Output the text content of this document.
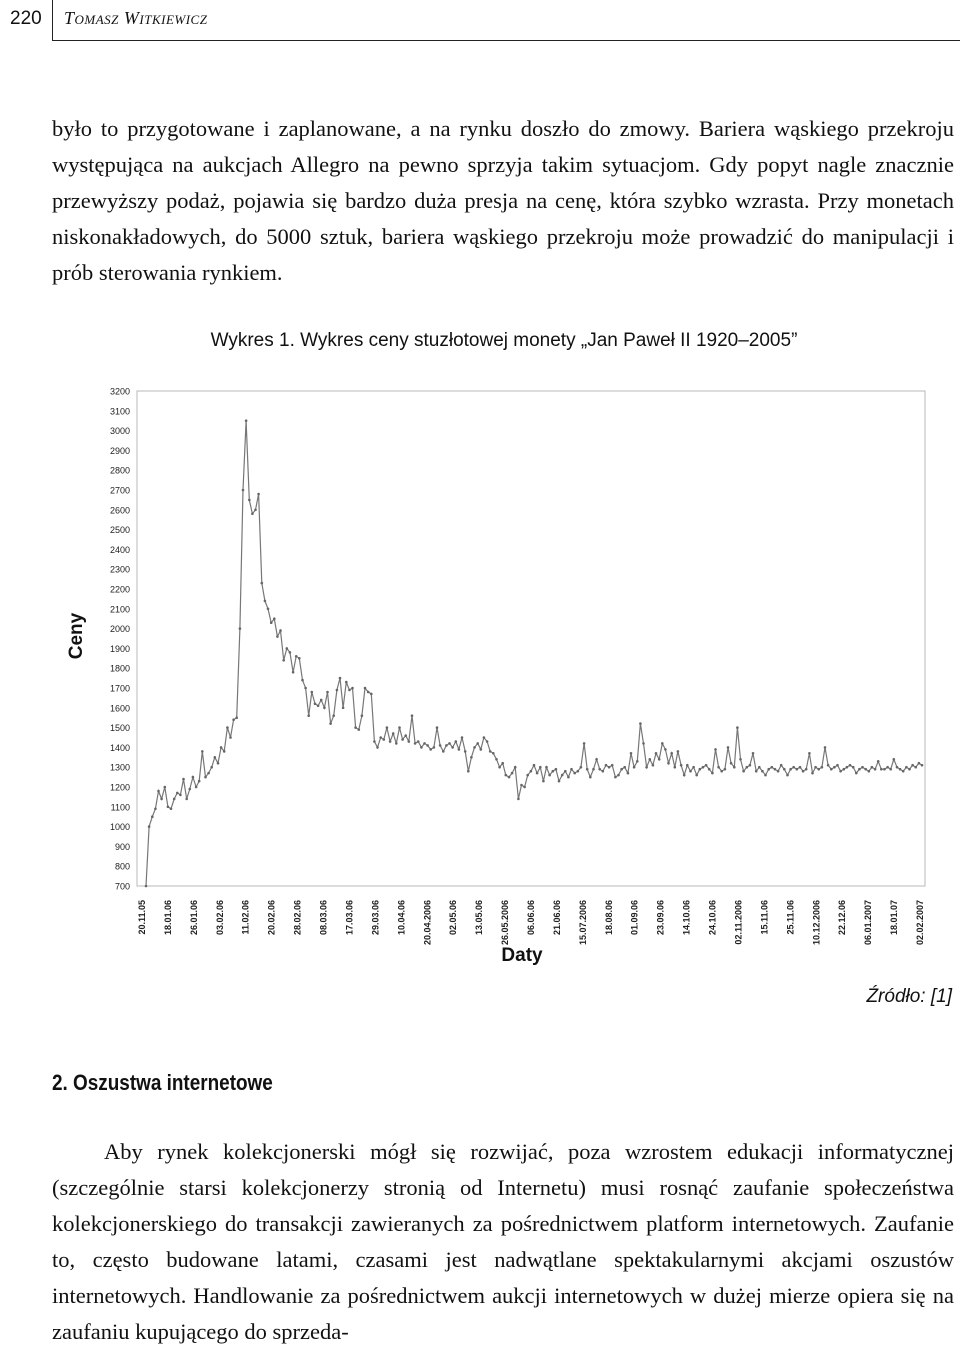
220 Tomasz Witkiewicz

było to przygotowane i zaplanowane, a na rynku doszło do zmowy. Bariera wąskiego przekroju występująca na aukcjach Allegro na pewno sprzyja takim sytuacjom. Gdy popyt nagle znacznie przewyższy podaż, pojawia się bardzo duża presja na cenę, która szybko wzrasta. Przy monetach niskonakładowych, do 5000 sztuk, bariera wąskiego przekroju może prowadzić do manipulacji i prób sterowania rynkiem.

Wykres 1. Wykres ceny stuzłotowej monety „Jan Paweł II 1920–2005”
700
800
900
1000
1100
1200
1300
1400
1500
1600
1700
1800
1900
2000
2100
2200
2300
2400
2500
2600
2700
2800
2900
3000
3100
3200
20.11.05 18.01.06 26.01.06 03.02.06 11.02.06 20.02.06 28.02.06 08.03.06 17.03.06 29.03.06 10.04.06 20.04.2006 02.05.06 13.05.06 26.05.2006 06.06.06 21.06.06 15.07.2006 18.08.06 01.09.06 23.09.06 14.10.06 24.10.06 02.11.2006 15.11.06 25.11.06 10.12.2006 22.12.06 06.01.2007 18.01.07 02.02.2007
Daty
Ceny
Źródło: [1]
2. Oszustwa internetowe

Aby rynek kolekcjonerski mógł się rozwijać, poza wzrostem edukacji informatycznej (szczególnie starsi kolekcjonerzy stronią od Internetu) musi rosnąć zaufanie społeczeństwa kolekcjonerskiego do transakcji zawieranych za pośrednictwem platform internetowych. Zaufanie to, często budowane latami, czasami jest nadwątlane spektakularnymi akcjami oszustów internetowych. Handlowanie za pośrednictwem aukcji internetowych w dużej mierze opiera się na zaufaniu kupującego do sprzeda-
